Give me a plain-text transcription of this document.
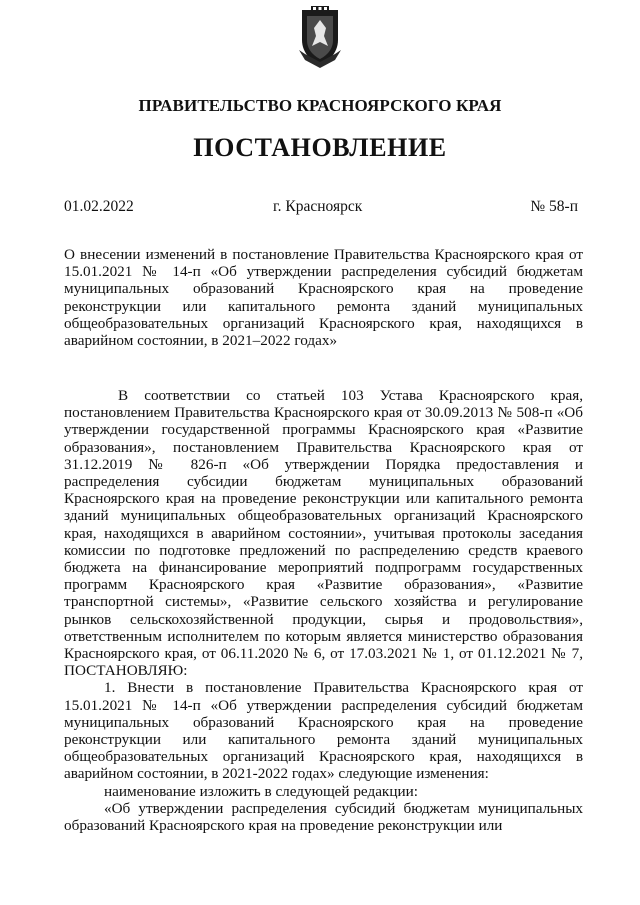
ПРАВИТЕЛЬСТВО КРАСНОЯРСКОГО КРАЯ
ПОСТАНОВЛЕНИЕ
01.02.2022	г. Красноярск	№ 58-п

О внесении изменений в постановление Правительства Красноярского края от 15.01.2021 № 14-п «Об утверждении распределения субсидий бюджетам муниципальных образований Красноярского края на проведение реконструкции или капитального ремонта зданий муниципальных общеобразовательных организаций Красноярского края, находящихся в аварийном состоянии, в 2021–2022 годах»

В соответствии со статьей 103 Устава Красноярского края, постановлением Правительства Красноярского края от 30.09.2013 № 508-п «Об утверждении государственной программы Красноярского края «Развитие образования», постановлением Правительства Красноярского края от 31.12.2019 № 826-п «Об утверждении Порядка предоставления и распределения субсидии бюджетам муниципальных образований Красноярского края на проведение реконструкции или капитального ремонта зданий муниципальных общеобразовательных организаций Красноярского края, находящихся в аварийном состоянии», учитывая протоколы заседания комиссии по подготовке предложений по распределению средств краевого бюджета на финансирование мероприятий подпрограмм государственных программ Красноярского края «Развитие образования», «Развитие транспортной системы», «Развитие сельского хозяйства и регулирование рынков сельскохозяйственной продукции, сырья и продовольствия», ответственным исполнителем по которым является министерство образования Красноярского края, от 06.11.2020 № 6, от 17.03.2021 № 1, от 01.12.2021 № 7, ПОСТАНОВЛЯЮ:

1. Внести в постановление Правительства Красноярского края от 15.01.2021 № 14-п «Об утверждении распределения субсидий бюджетам муниципальных образований Красноярского края на проведение реконструкции или капитального ремонта зданий муниципальных общеобразовательных организаций Красноярского края, находящихся в аварийном состоянии, в 2021-2022 годах» следующие изменения:

наименование изложить в следующей редакции:

«Об утверждении распределения субсидий бюджетам муниципальных образований Красноярского края на проведение реконструкции или
